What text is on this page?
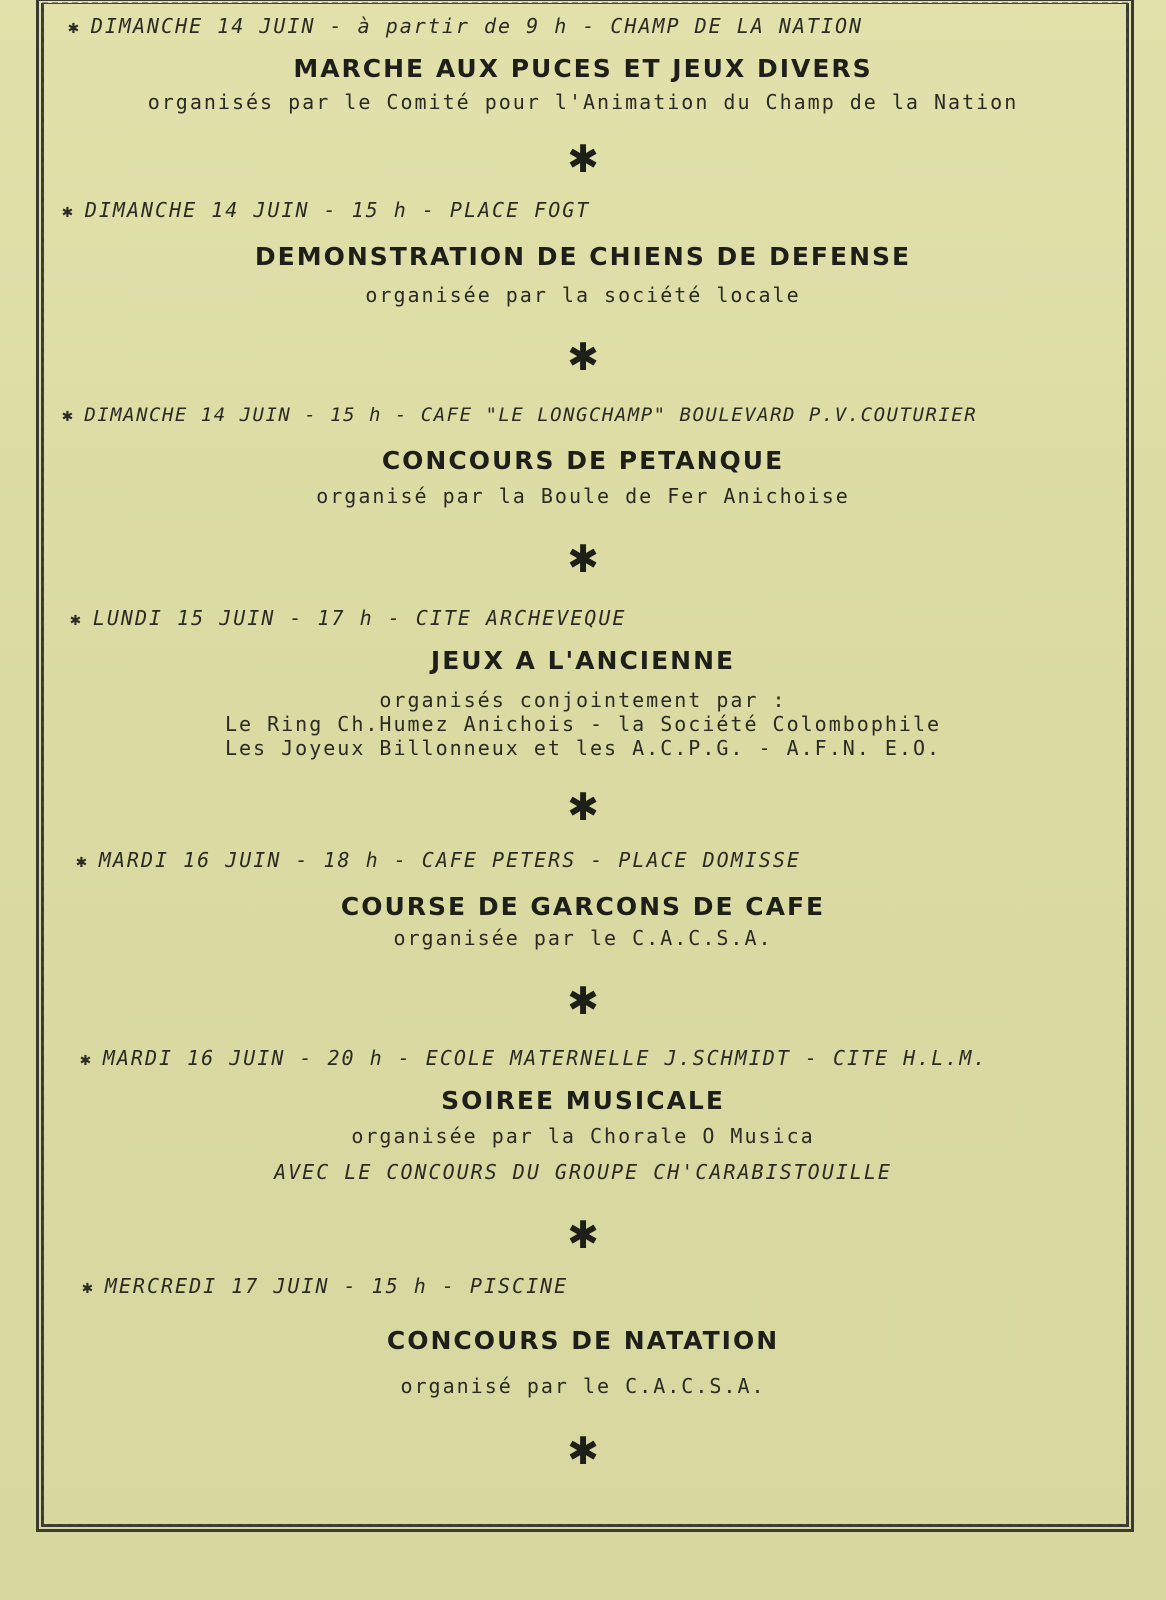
✱ DIMANCHE 14 JUIN - à partir de 9 h - CHAMP DE LA NATION
MARCHE AUX PUCES ET JEUX DIVERS
organisés par le Comité pour l'Animation du Champ de la Nation
✱
✱ DIMANCHE 14 JUIN - 15 h - PLACE FOGT
DEMONSTRATION DE CHIENS DE DEFENSE
organisée par la société locale
✱
✱ DIMANCHE 14 JUIN - 15 h - CAFE "LE LONGCHAMP" BOULEVARD P.V.COUTURIER
CONCOURS DE PETANQUE
organisé par la Boule de Fer Anichoise
✱
✱ LUNDI 15 JUIN - 17 h - CITE ARCHEVEQUE
JEUX A L'ANCIENNE
organisés conjointement par :
Le Ring Ch.Humez Anichois - la Société Colombophile
Les Joyeux Billonneux et les A.C.P.G. - A.F.N. E.O.
✱
✱ MARDI 16 JUIN - 18 h - CAFE PETERS - PLACE DOMISSE
COURSE DE GARCONS DE CAFE
organisée par le C.A.C.S.A.
✱
✱ MARDI 16 JUIN - 20 h - ECOLE MATERNELLE J.SCHMIDT - CITE H.L.M.
SOIREE MUSICALE
organisée par la Chorale O Musica
AVEC LE CONCOURS DU GROUPE CH'CARABISTOUILLE
✱
✱ MERCREDI 17 JUIN - 15 h - PISCINE
CONCOURS DE NATATION
organisé par le C.A.C.S.A.
✱
